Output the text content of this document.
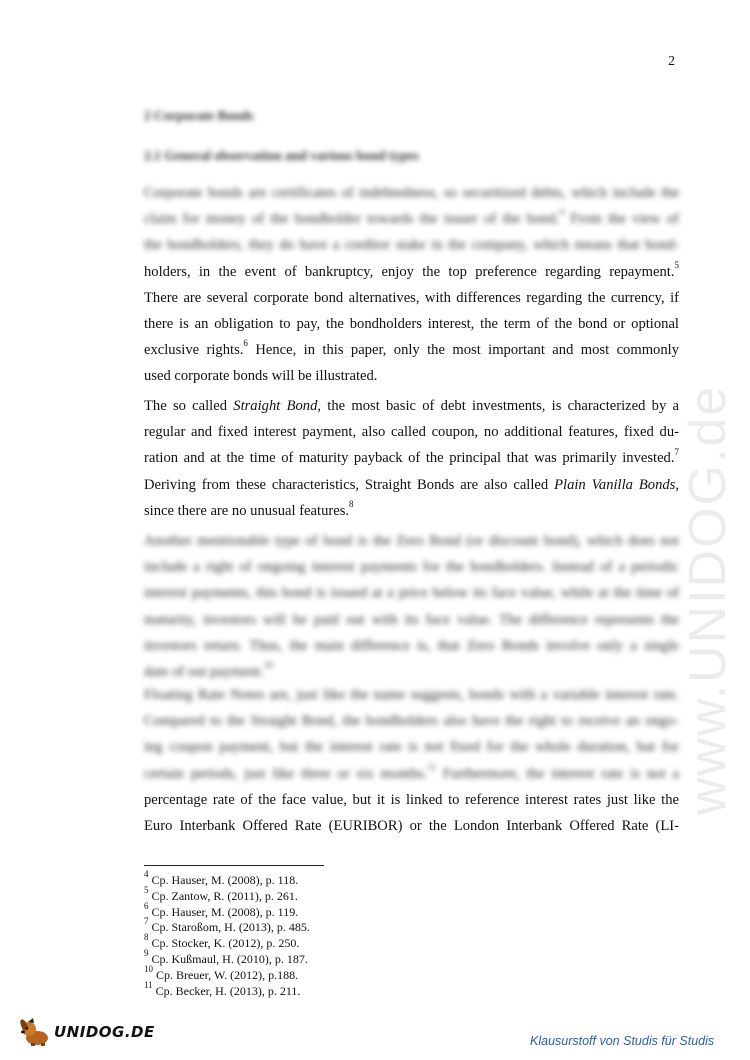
2
www.UNIDOG.de
2 Corporate Bonds
2.1 General observation and various bond types
Corporate bonds are certificates of indebtedness, so securitized debts, which include the
claim for money of the bondholder towards the issuer of the bond.$^4$ From the view of
the bondholders, they do have a creditor stake in the company, which means that bond-
holders, in the event of bankruptcy, enjoy the top preference regarding repayment.$^5$
There are several corporate bond alternatives, with differences regarding the currency, if
there is an obligation to pay, the bondholders interest, the term of the bond or optional
exclusive rights.$^6$ Hence, in this paper, only the most important and most commonly
used corporate bonds will be illustrated.
The so called Straight Bond, the most basic of debt investments, is characterized by a
regular and fixed interest payment, also called coupon, no additional features, fixed du-
ration and at the time of maturity payback of the principal that was primarily invested.$^7$
Deriving from these characteristics, Straight Bonds are also called Plain Vanilla Bonds,
since there are no unusual features.$^8$
Another mentionable type of bond is the Zero Bond (or discount bond), which does not
include a right of ongoing interest payments for the bondholders. Instead of a periodic
interest payments, this bond is issued at a price below its face value, while at the time of
maturity, investors will be paid out with its face value. The difference represents the
investors return. Thus, the main difference is, that Zero Bonds involve only a single
date of out payment.$^{10}$
Floating Rate Notes are, just like the name suggests, bonds with a variable interest rate.
Compared to the Straight Bond, the bondholders also have the right to receive an ongo-
ing coupon payment, but the interest rate is not fixed for the whole duration, but for
certain periods, just like three or six months.$^{11}$ Furthermore, the interest rate is not a
percentage rate of the face value, but it is linked to reference interest rates just like the
Euro Interbank Offered Rate (EURIBOR) or the London Interbank Offered Rate (LI-
$^4$ Cp. Hauser, M. (2008), p. 118.
$^5$ Cp. Zantow, R. (2011), p. 261.
$^6$ Cp. Hauser, M. (2008), p. 119.
$^7$ Cp. Staroßom, H. (2013), p. 485.
$^8$ Cp. Stocker, K. (2012), p. 250.
$^9$ Cp. Kußmaul, H. (2010), p. 187.
$^{10}$ Cp. Breuer, W. (2012), p.188.
$^{11}$ Cp. Becker, H. (2013), p. 211.
UNIDOG.DE	Klausurstoff von Studis für Studis
